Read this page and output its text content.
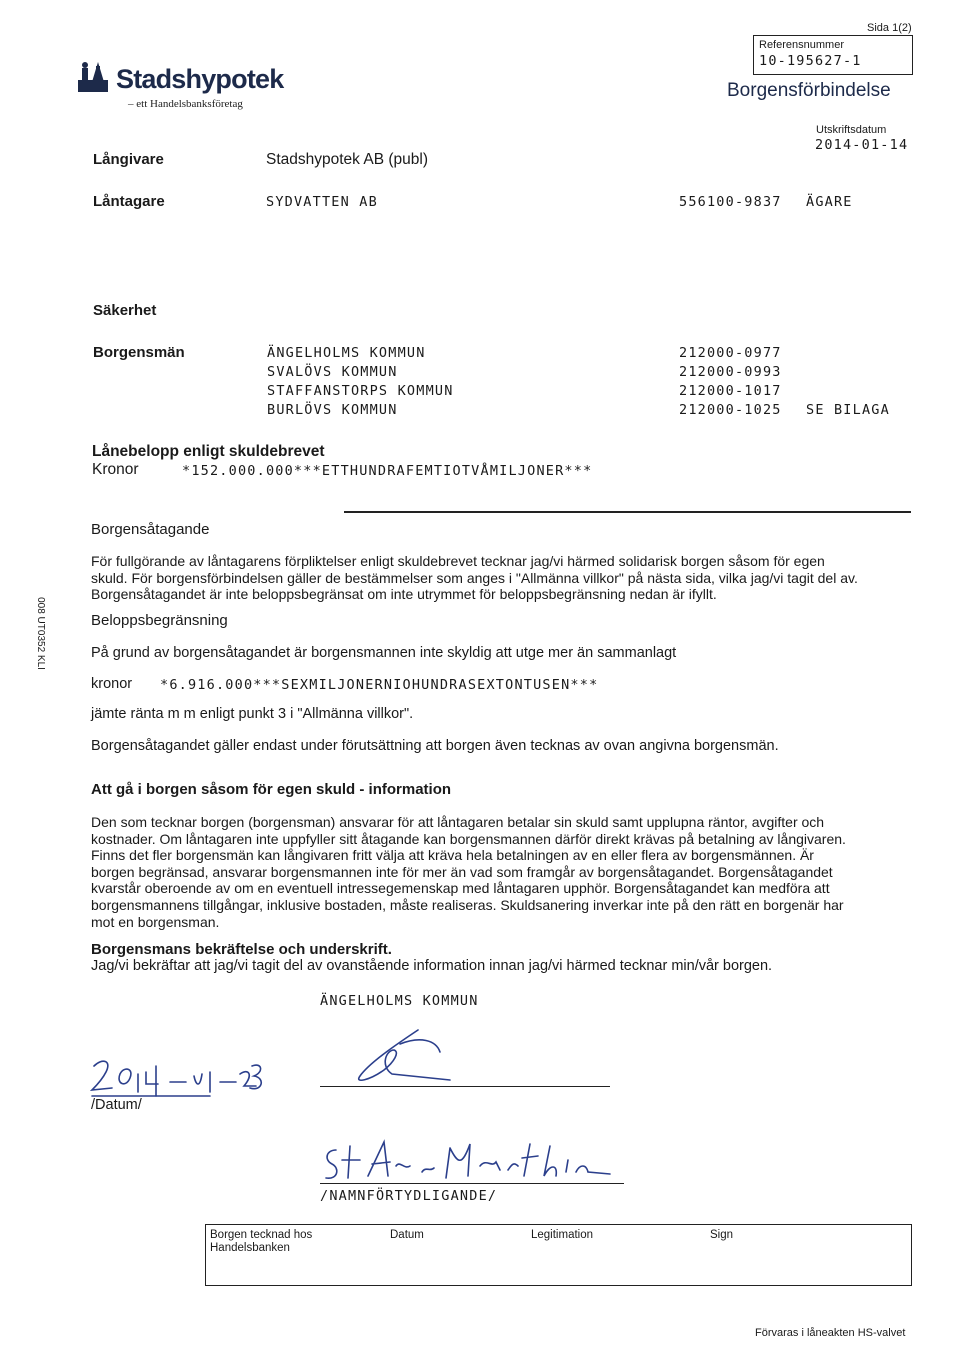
Stadshypotek
– ett Handelsbanksföretag
Sida 1(2)
Referensnummer
10-195627-1
Borgensförbindelse
Utskriftsdatum
2014-01-14
Långivare	Stadshypotek AB (publ)
Låntagare	SYDVATTEN AB	556100-9837 ÄGARE
Säkerhet
Borgensmän	ÄNGELHOLMS KOMMUN	212000-0977
SVALÖVS KOMMUN	212000-0993
STAFFANSTORPS KOMMUN	212000-1017
BURLÖVS KOMMUN	212000-1025 SE BILAGA
Lånebelopp enligt skuldebrevet
Kronor	*152.000.000***ETTHUNDRAFEMTIOTVÅMILJONER***
Borgensåtagande
För fullgörande av låntagarens förpliktelser enligt skuldebrevet tecknar jag/vi härmed solidarisk borgen såsom för egen skuld. För borgensförbindelsen gäller de bestämmelser som anges i "Allmänna villkor" på nästa sida, vilka jag/vi tagit del av. Borgensåtagandet är inte beloppsbegränsat om inte utrymmet för beloppsbegränsning nedan är ifyllt.
Beloppsbegränsning
På grund av borgensåtagandet är borgensmannen inte skyldig att utge mer än sammanlagt
kronor *6.916.000***SEXMILJONERNIOHUNDRASEXTONTUSEN***
jämte ränta m m enligt punkt 3 i "Allmänna villkor".
Borgensåtagandet gäller endast under förutsättning att borgen även tecknas av ovan angivna borgensmän.
Att gå i borgen såsom för egen skuld - information
Den som tecknar borgen (borgensman) ansvarar för att låntagaren betalar sin skuld samt upplupna räntor, avgifter och kostnader. Om låntagaren inte uppfyller sitt åtagande kan borgensmannen därför direkt krävas på betalning av långivaren. Finns det fler borgensmän kan långivaren fritt välja att kräva hela betalningen av en eller flera av borgensmännen. Är borgen begränsad, ansvarar borgensmannen inte för mer än vad som framgår av borgensåtagandet. Borgensåtagandet kvarstår oberoende av om en eventuell intressegemenskap med låntagaren upphör. Borgensåtagandet kan medföra att borgensmannens tillgångar, inklusive bostaden, måste realiseras. Skuldsanering inverkar inte på den rätt en borgenär har mot en borgensman.
Borgensmans bekräftelse och underskrift.
Jag/vi bekräftar att jag/vi tagit del av ovanstående information innan jag/vi härmed tecknar min/vår borgen.
ÄNGELHOLMS KOMMUN
/Datum/
/NAMNFÖRTYDLIGANDE/
Borgen tecknad hos Handelsbanken
Datum	Legitimation	Sign
008 UT0352 KLI
Förvaras i låneakten HS-valvet
